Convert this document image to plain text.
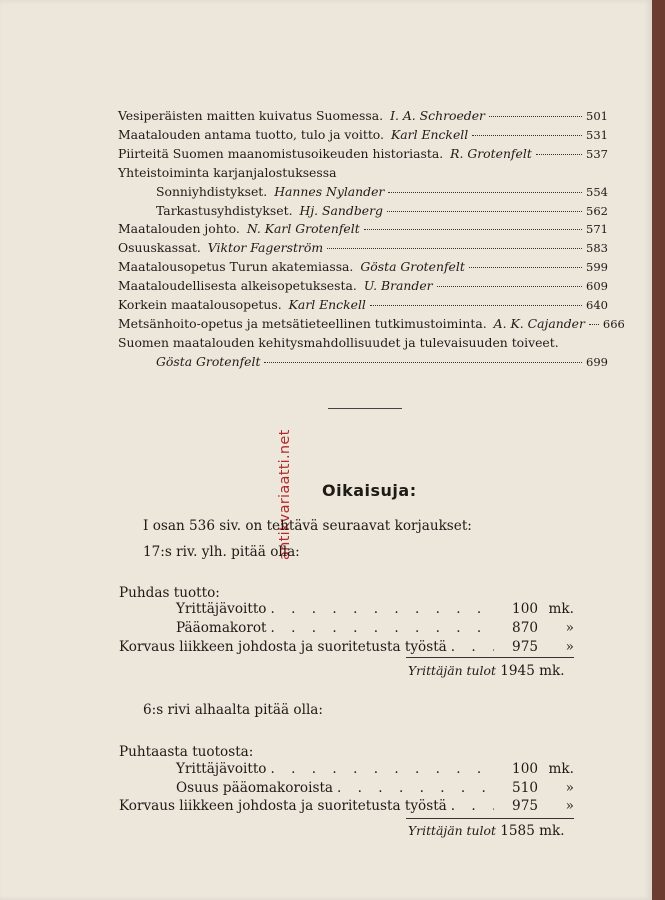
Vesiperäisten maitten kuivatus Suomessa. I. A. Schroeder	501
Maatalouden antama tuotto, tulo ja voitto. Karl Enckell	531
Piirteitä Suomen maanomistusoikeuden historiasta. R. Grotenfelt	537
Yhteistoiminta karjanjalostuksessa
Sonniyhdistykset. Hannes Nylander	554
Tarkastusyhdistykset. Hj. Sandberg	562
Maatalouden johto. N. Karl Grotenfelt	571
Osuuskassat. Viktor Fagerström	583
Maatalousopetus Turun akatemiassa. Gösta Grotenfelt	599
Maataloudellisesta alkeisopetuksesta. U. Brander	609
Korkein maatalousopetus. Karl Enckell	640
Metsänhoito-opetus ja metsätieteellinen tutkimustoiminta. A. K. Cajander 666
Suomen maatalouden kehitysmahdollisuudet ja tulevaisuuden toiveet.
Gösta Grotenfelt	699
antikvariaatti.net Oikaisuja:
I osan 536 siv. on tehtävä seuraavat korjaukset:
17:s riv. ylh. pitää olla:
Puhdas tuotto:
Yrittäjävoitto . . .	100 mk.
Pääomakorot . . .	870	»
Korvaus liikkeen johdosta ja suoritetusta työstä . . .	975	»
Yrittäjän tulot 1945 mk.
6:s rivi alhaalta pitää olla:
Puhtaasta tuotosta:
Yrittäjävoitto . . .	100 mk.
Osuus pääomakoroista . . .	510	»
Korvaus liikkeen johdosta ja suoritetusta työstä . . .	975	»
Yrittäjän tulot 1585 mk.
